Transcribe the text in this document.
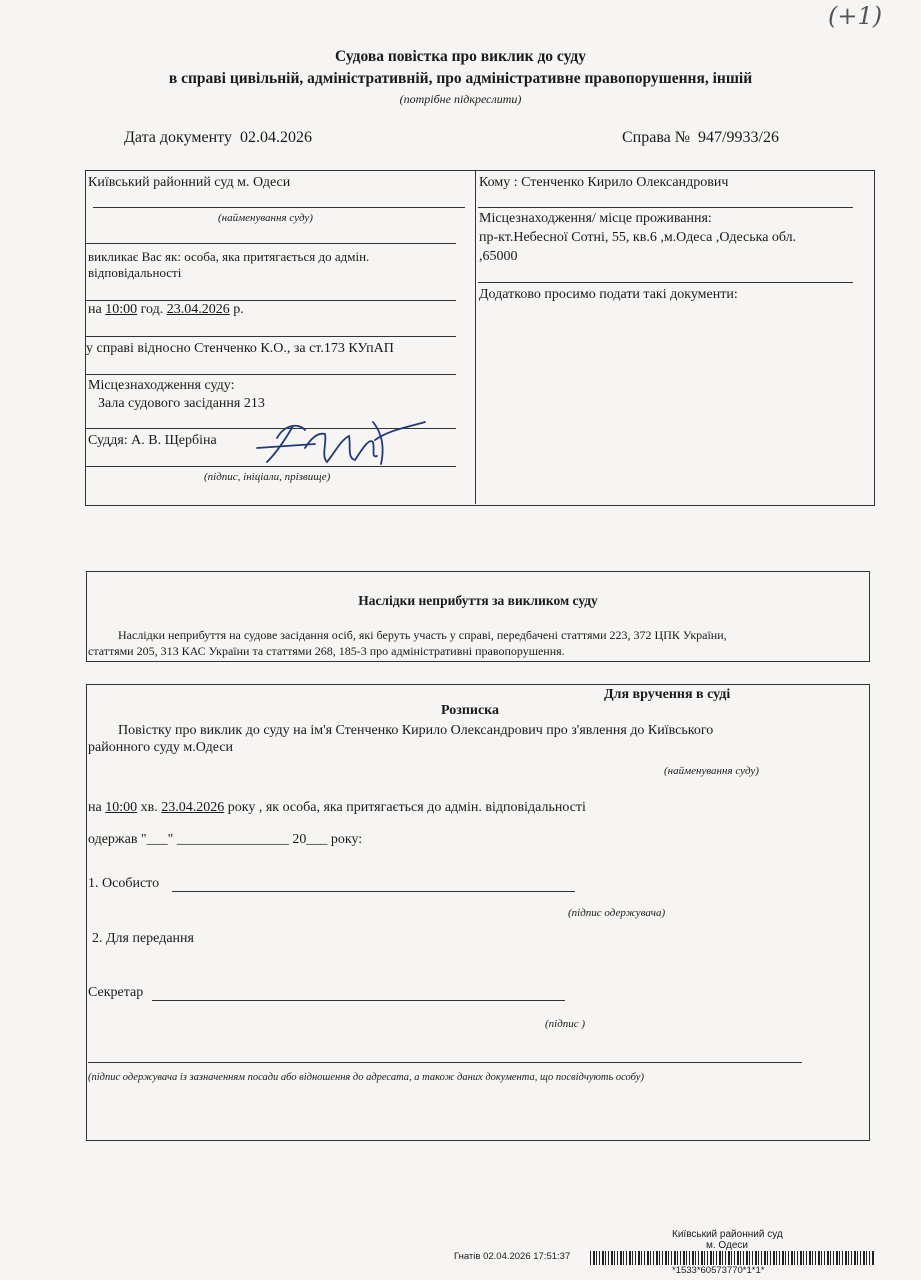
(+1)
Судова повістка про виклик до суду
в справі цивільній, адміністративній, про адміністративне правопорушення, іншій
(потрібне підкреслити)
Дата документу 02.04.2026	Справа № 947/9933/26
Київський районний суд м. Одеси
(найменування суду)
викликає Вас як: особа, яка притягається до адмін.
відповідальності
на 10:00 год. 23.04.2026 р.
у справі відносно Стенченко К.О., за ст.173 КУпАП
Місцезнаходження суду:
Зала судового засідання 213
Суддя: А. В. Щербіна
(підпис, ініціали, прізвище)
Кому : Стенченко Кирило Олександрович
Місцезнаходження/ місце проживання:
пр-кт.Небесної Сотні, 55, кв.6 ,м.Одеса ,Одеська обл.
,65000
Додатково просимо подати такі документи:
Наслідки неприбуття за викликом суду
Наслідки неприбуття на судове засідання осіб, які беруть участь у справі, передбачені статтями 223, 372 ЦПК України,
статтями 205, 313 КАС України та статтями 268, 185-3 про адміністративні правопорушення.
Для вручення в суді
Розписка
Повістку про виклик до суду на ім'я Стенченко Кирило Олександрович про з'явлення до Київського
районного суду м.Одеси
(найменування суду)
на 10:00 хв. 23.04.2026 року , як особа, яка притягається до адмін. відповідальності
одержав "___" ________________ 20___ року:
1. Особисто
(підпис одержувача)
2. Для передання
Секретар
(підпис )
(підпис одержувача із зазначенням посади або відношення до адресата, а також даних документа, що посвідчують особу)
Київський районний суд
м. Одеси
Гнатів 02.04.2026 17:51:37
*1533*60573770*1*1*
